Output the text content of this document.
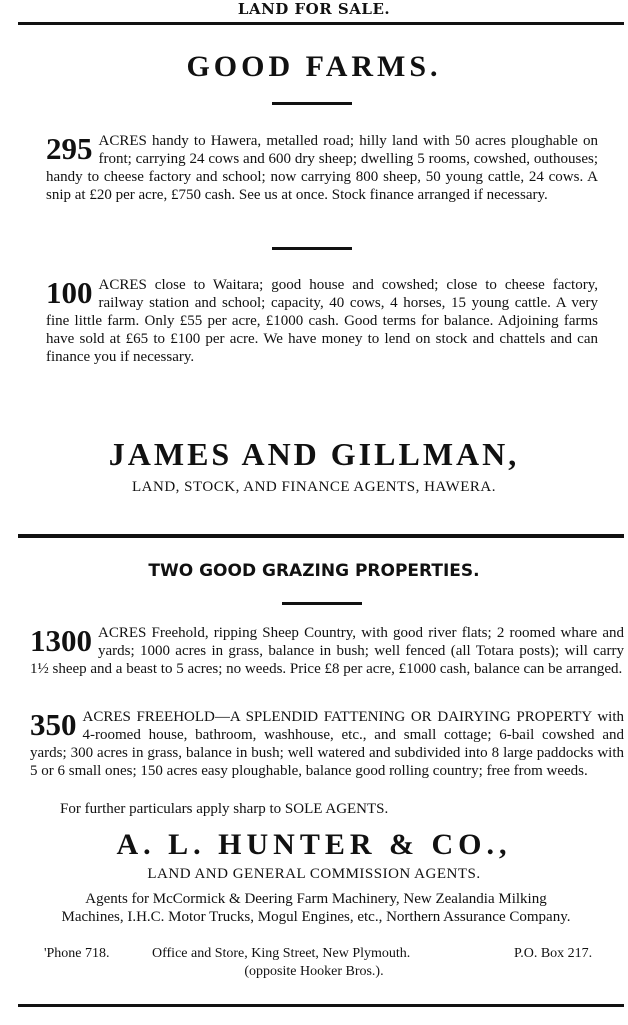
LAND FOR SALE.
GOOD FARMS.
295 ACRES handy to Hawera, metalled road; hilly land with 50 acres ploughable on front; carrying 24 cows and 600 dry sheep; dwelling 5 rooms, cowshed, outhouses; handy to cheese factory and school; now carrying 800 sheep, 50 young cattle, 24 cows. A snip at £20 per acre, £750 cash. See us at once. Stock finance arranged if necessary.
100 ACRES close to Waitara; good house and cowshed; close to cheese factory, railway station and school; capacity, 40 cows, 4 horses, 15 young cattle. A very fine little farm. Only £55 per acre, £1000 cash. Good terms for balance. Adjoining farms have sold at £65 to £100 per acre. We have money to lend on stock and chattels and can finance you if necessary.
JAMES AND GILLMAN,
LAND, STOCK, AND FINANCE AGENTS, HAWERA.
TWO GOOD GRAZING PROPERTIES.
1300 ACRES Freehold, ripping Sheep Country, with good river flats; 2 roomed whare and yards; 1000 acres in grass, balance in bush; well fenced (all Totara posts); will carry 1½ sheep and a beast to 5 acres; no weeds. Price £8 per acre, £1000 cash, balance can be arranged.
350 ACRES FREEHOLD—A SPLENDID FATTENING OR DAIRYING PROPERTY with 4-roomed house, bathroom, washhouse, etc., and small cottage; 6-bail cowshed and yards; 300 acres in grass, balance in bush; well watered and subdivided into 8 large paddocks with 5 or 6 small ones; 150 acres easy ploughable, balance good rolling country; free from weeds.
For further particulars apply sharp to SOLE AGENTS.
A. L. HUNTER & CO.,
LAND AND GENERAL COMMISSION AGENTS.
Agents for McCormick & Deering Farm Machinery, New Zealandia Milking Machines, I.H.C. Motor Trucks, Mogul Engines, etc., Northern Assurance Company.
'Phone 718.	Office and Store, King Street, New Plymouth.	P.O. Box 217.
(opposite Hooker Bros.).
